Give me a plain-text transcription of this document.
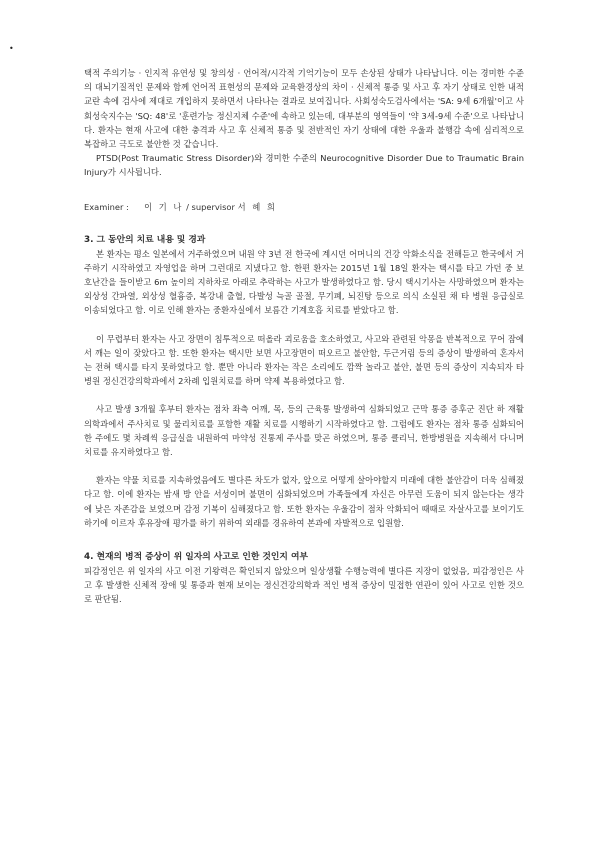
•

택적 주의기능 · 인지적 유연성 및 창의성 · 언어적/시각적 기억기능이 모두 손상된 상태가 나타납니다. 이는 경미한 수준의 대뇌기질적인 문제와 함께 언어적 표현성의 문제와 교육환경상의 차이 · 신체적 통증 및 사고 후 자기 상태로 인한 내적 교란 속에 검사에 제대로 개입하지 못하면서 나타나는 결과로 보여집니다. 사회성숙도검사에서는 'SA: 9세 6개월'이고 사회성숙지수는 'SQ: 48'로 '훈련가능 정신지체 수준'에 속하고 있는데, 대부분의 영역들이 '약 3세-9세 수준'으로 나타납니다. 환자는 현재 사고에 대한 충격과 사고 후 신체적 통증 및 전반적인 자기 상태에 대한 우울과 불행감 속에 심리적으로 복잡하고 극도로 불안한 것 같습니다.

PTSD(Post Traumatic Stress Disorder)와 경미한 수준의 Neurocognitive Disorder Due to Traumatic Brain Injury가 시사됩니다.

Examiner : 이 기 나 / supervisor 서 혜 희
3. 그 동안의 치료 내용 및 경과

본 환자는 평소 일본에서 거주하였으며 내원 약 3년 전 한국에 계시던 어머니의 건강 악화소식을 전해듣고 한국에서 거주하기 시작하였고 자영업을 하며 그런대로 지냈다고 함. 한편 환자는 2015년 1월 18일 환자는 택시를 타고 가던 중 보호난간을 들이받고 6m 높이의 지하차로 아래로 추락하는 사고가 발생하였다고 함. 당시 택시기사는 사망하였으며 환자는 외상성 간파열, 외상성 혈흉증, 복강내 출혈, 다발성 늑골 골절, 무기폐, 뇌진탕 등으로 의식 소실된 채 타 병원 응급실로 이송되었다고 함. 이로 인해 환자는 중환자실에서 보름간 기계호흡 치료를 받았다고 함.

이 무렵부터 환자는 사고 장면이 침투적으로 떠올라 괴로움을 호소하였고, 사고와 관련된 악몽을 반복적으로 꾸어 잠에서 깨는 일이 잦았다고 함. 또한 환자는 택시만 보면 사고장면이 떠오르고 불안함, 두근거림 등의 증상이 발생하여 혼자서는 전혀 택시를 타지 못하였다고 함. 뿐만 아니라 환자는 작은 소리에도 깜짝 놀라고 불안, 불면 등의 증상이 지속되자 타 병원 정신건강의학과에서 2차례 입원치료를 하며 약제 복용하였다고 함.

사고 발생 3개월 후부터 환자는 점차 좌측 어깨, 목, 등의 근육통 발생하여 심화되었고 근막 통증 증후군 진단 하 재활의학과에서 주사치료 및 물리치료를 포함한 재활 치료를 시행하기 시작하였다고 함. 그럼에도 환자는 점차 통증 심화되어 한 주에도 몇 차례씩 응급실을 내원하여 마약성 진통제 주사를 맞곤 하였으며, 통증 클리닉, 한방병원을 지속해서 다니며 치료를 유지하였다고 함.

환자는 약물 치료를 지속하였음에도 별다른 차도가 없자, 앞으로 어떻게 살아야할지 미래에 대한 불안감이 더욱 심해졌다고 함. 이에 환자는 밤새 방 안을 서성이며 불면이 심화되었으며 가족들에게 자신은 아무런 도움이 되지 않는다는 생각에 낮은 자존감을 보였으며 감정 기복이 심해졌다고 함. 또한 환자는 우울감이 점차 악화되어 때때로 자살사고를 보이기도 하기에 이르자 후유장애 평가를 하기 위하여 외래를 경유하여 본과에 자발적으로 입원함.

4. 현재의 병적 증상이 위 일자의 사고로 인한 것인지 여부

피감정인은 위 일자의 사고 이전 기왕력은 확인되지 않았으며 일상생활 수행능력에 별다른 지장이 없었음, 피감정인은 사고 후 발생한 신체적 장애 및 통증과 현재 보이는 정신건강의학과 적인 병적 증상이 밀접한 연관이 있어 사고로 인한 것으로 판단됨.
